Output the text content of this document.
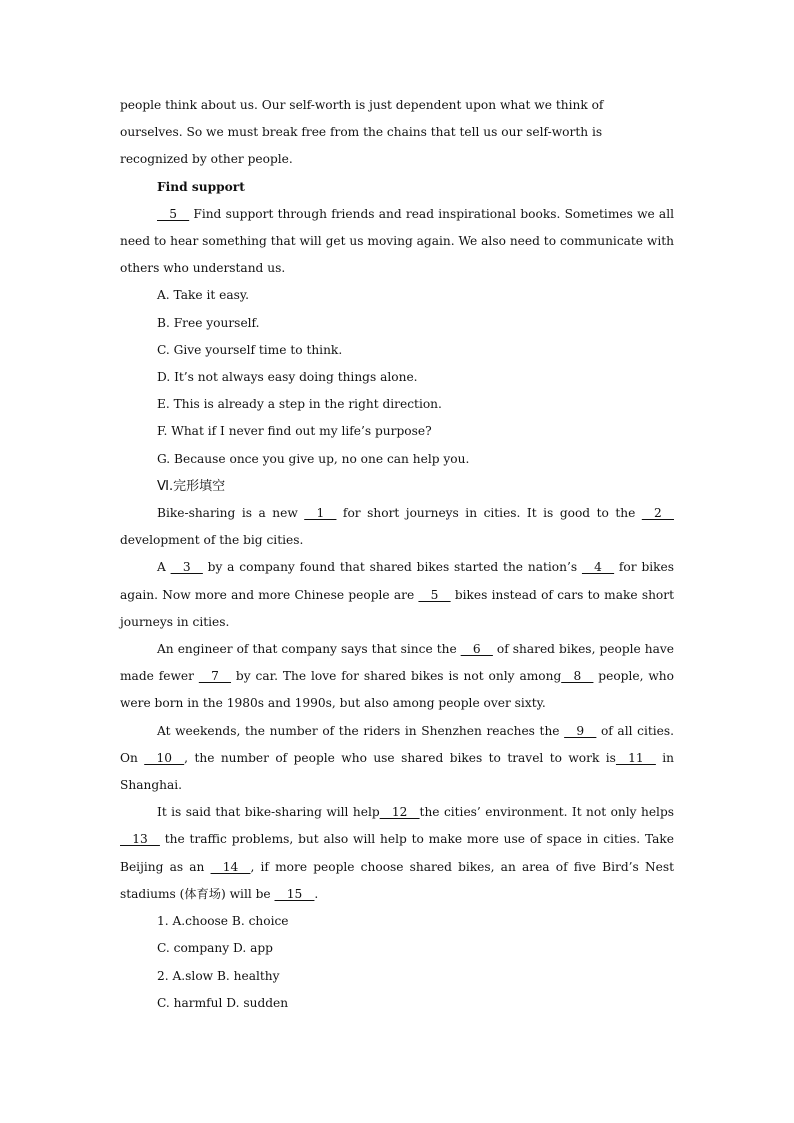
people think about us. Our self-worth is just dependent upon what we think of
ourselves. So we must break free from the chains that tell us our self-worth is
recognized by other people.

Find support

__5__ Find support through friends and read inspirational books. Sometimes we all need to hear something that will get us moving again. We also need to communicate with others who understand us.

A. Take it easy.

B. Free yourself.

C. Give yourself time to think.

D. It’s not always easy doing things alone.

E. This is already a step in the right direction.

F. What if I never find out my life’s purpose?

G. Because once you give up, no one can help you.

Ⅵ.完形填空

Bike-sharing is a new __1__ for short journeys in cities. It is good to the __2__ development of the big cities.

A __3__ by a company found that shared bikes started the nation’s __4__ for bikes again. Now more and more Chinese people are __5__ bikes instead of cars to make short journeys in cities.

An engineer of that company says that since the __6__ of shared bikes, people have made fewer __7__ by car. The love for shared bikes is not only among__8__ people, who were born in the 1980s and 1990s, but also among people over sixty.

At weekends, the number of the riders in Shenzhen reaches the __9__ of all cities. On __10__, the number of people who use shared bikes to travel to work is__11__ in Shanghai.

It is said that bike-sharing will help__12__the cities’ environment. It not only helps __13__ the traffic problems, but also will help to make more use of space in cities. Take Beijing as an __14__, if more people choose shared bikes, an area of five Bird’s Nest stadiums (体育场) will be __15__.

1. A.choose B. choice

C. company D. app

2. A.slow B. healthy

C. harmful D. sudden
